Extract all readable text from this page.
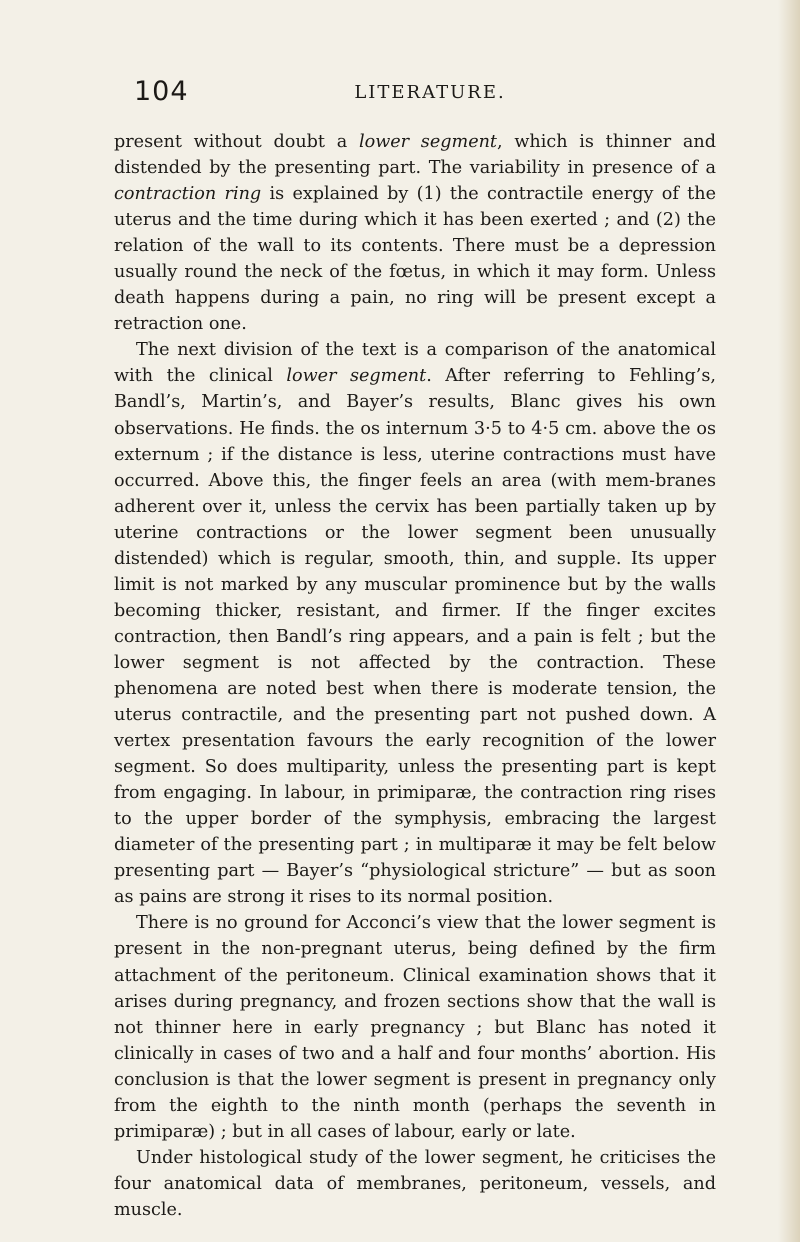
104	LITERATURE.

present without doubt a lower segment, which is thinner and distended by the presenting part. The variability in presence of a contraction ring is explained by (1) the contractile energy of the uterus and the time during which it has been exerted ; and (2) the relation of the wall to its contents. There must be a depression usually round the neck of the fœtus, in which it may form. Unless death happens during a pain, no ring will be present except a retraction one.

The next division of the text is a comparison of the anatomical with the clinical lower segment. After referring to Fehling’s, Bandl’s, Martin’s, and Bayer’s results, Blanc gives his own observations. He finds. the os internum 3·5 to 4·5 cm. above the os externum ; if the distance is less, uterine contractions must have occurred. Above this, the finger feels an area (with mem-branes adherent over it, unless the cervix has been partially taken up by uterine contractions or the lower segment been unusually distended) which is regular, smooth, thin, and supple. Its upper limit is not marked by any muscular prominence but by the walls becoming thicker, resistant, and firmer. If the finger excites contraction, then Bandl’s ring appears, and a pain is felt ; but the lower segment is not affected by the contraction. These phenomena are noted best when there is moderate tension, the uterus contractile, and the presenting part not pushed down. A vertex presentation favours the early recognition of the lower segment. So does multiparity, unless the presenting part is kept from engaging. In labour, in primiparæ, the contraction ring rises to the upper border of the symphysis, embracing the largest diameter of the presenting part ; in multiparæ it may be felt below presenting part — Bayer’s “physiological stricture” — but as soon as pains are strong it rises to its normal position.

There is no ground for Acconci’s view that the lower segment is present in the non-pregnant uterus, being defined by the firm attachment of the peritoneum. Clinical examination shows that it arises during pregnancy, and frozen sections show that the wall is not thinner here in early pregnancy ; but Blanc has noted it clinically in cases of two and a half and four months’ abortion. His conclusion is that the lower segment is present in pregnancy only from the eighth to the ninth month (perhaps the seventh in primiparæ) ; but in all cases of labour, early or late.

Under histological study of the lower segment, he criticises the four anatomical data of membranes, peritoneum, vessels, and muscle.
